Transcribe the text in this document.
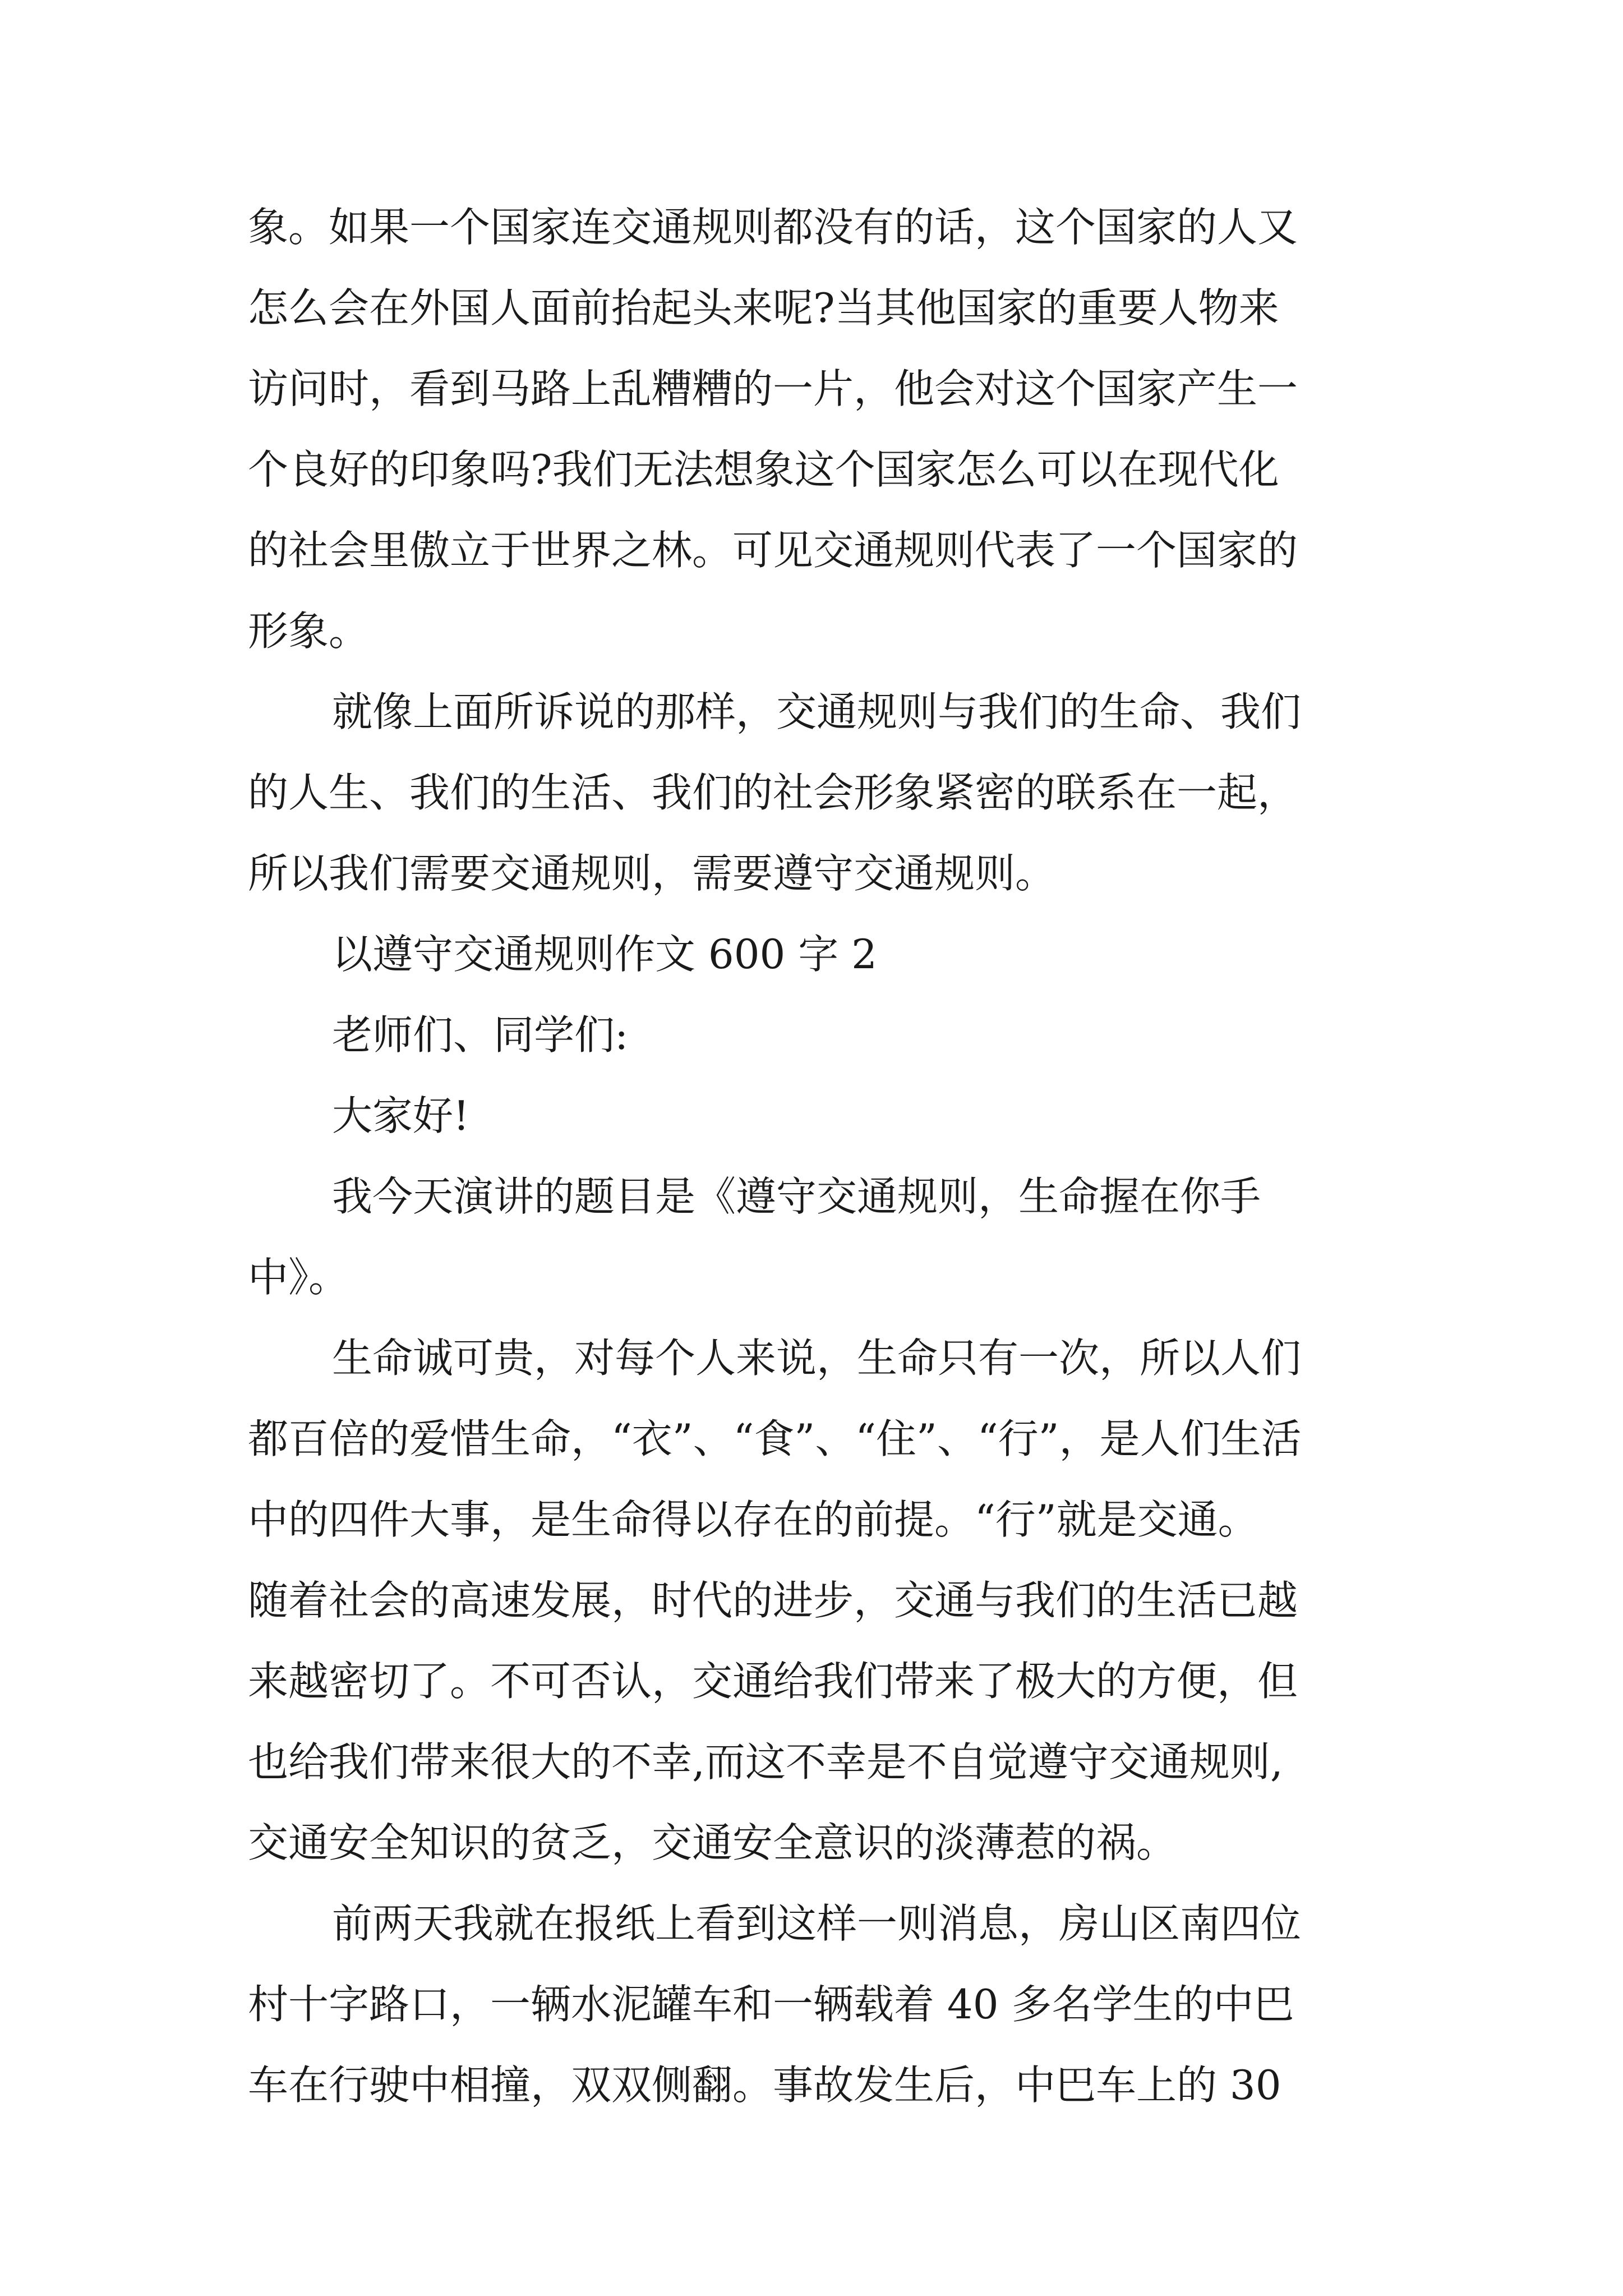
象。如果一个国家连交通规则都没有的话，这个国家的人又
怎么会在外国人面前抬起头来呢?当其他国家的重要人物来
访问时，看到马路上乱糟糟的一片，他会对这个国家产生一
个良好的印象吗?我们无法想象这个国家怎么可以在现代化
的社会里傲立于世界之林。可见交通规则代表了一个国家的
形象。
就像上面所诉说的那样，交通规则与我们的生命、我们
的人生、我们的生活、我们的社会形象紧密的联系在一起，
所以我们需要交通规则，需要遵守交通规则。
以遵守交通规则作文 600 字 2
老师们、同学们:
大家好!
我今天演讲的题目是《遵守交通规则，生命握在你手
中》。
生命诚可贵，对每个人来说，生命只有一次，所以人们
都百倍的爱惜生命，“衣”、“食”、“住”、“行”，是人们生活
中的四件大事，是生命得以存在的前提。“行”就是交通。
随着社会的高速发展，时代的进步，交通与我们的生活已越
来越密切了。不可否认，交通给我们带来了极大的方便，但
也给我们带来很大的不幸,而这不幸是不自觉遵守交通规则,
交通安全知识的贫乏，交通安全意识的淡薄惹的祸。
前两天我就在报纸上看到这样一则消息，房山区南四位
村十字路口，一辆水泥罐车和一辆载着 40 多名学生的中巴
车在行驶中相撞，双双侧翻。事故发生后，中巴车上的 30
